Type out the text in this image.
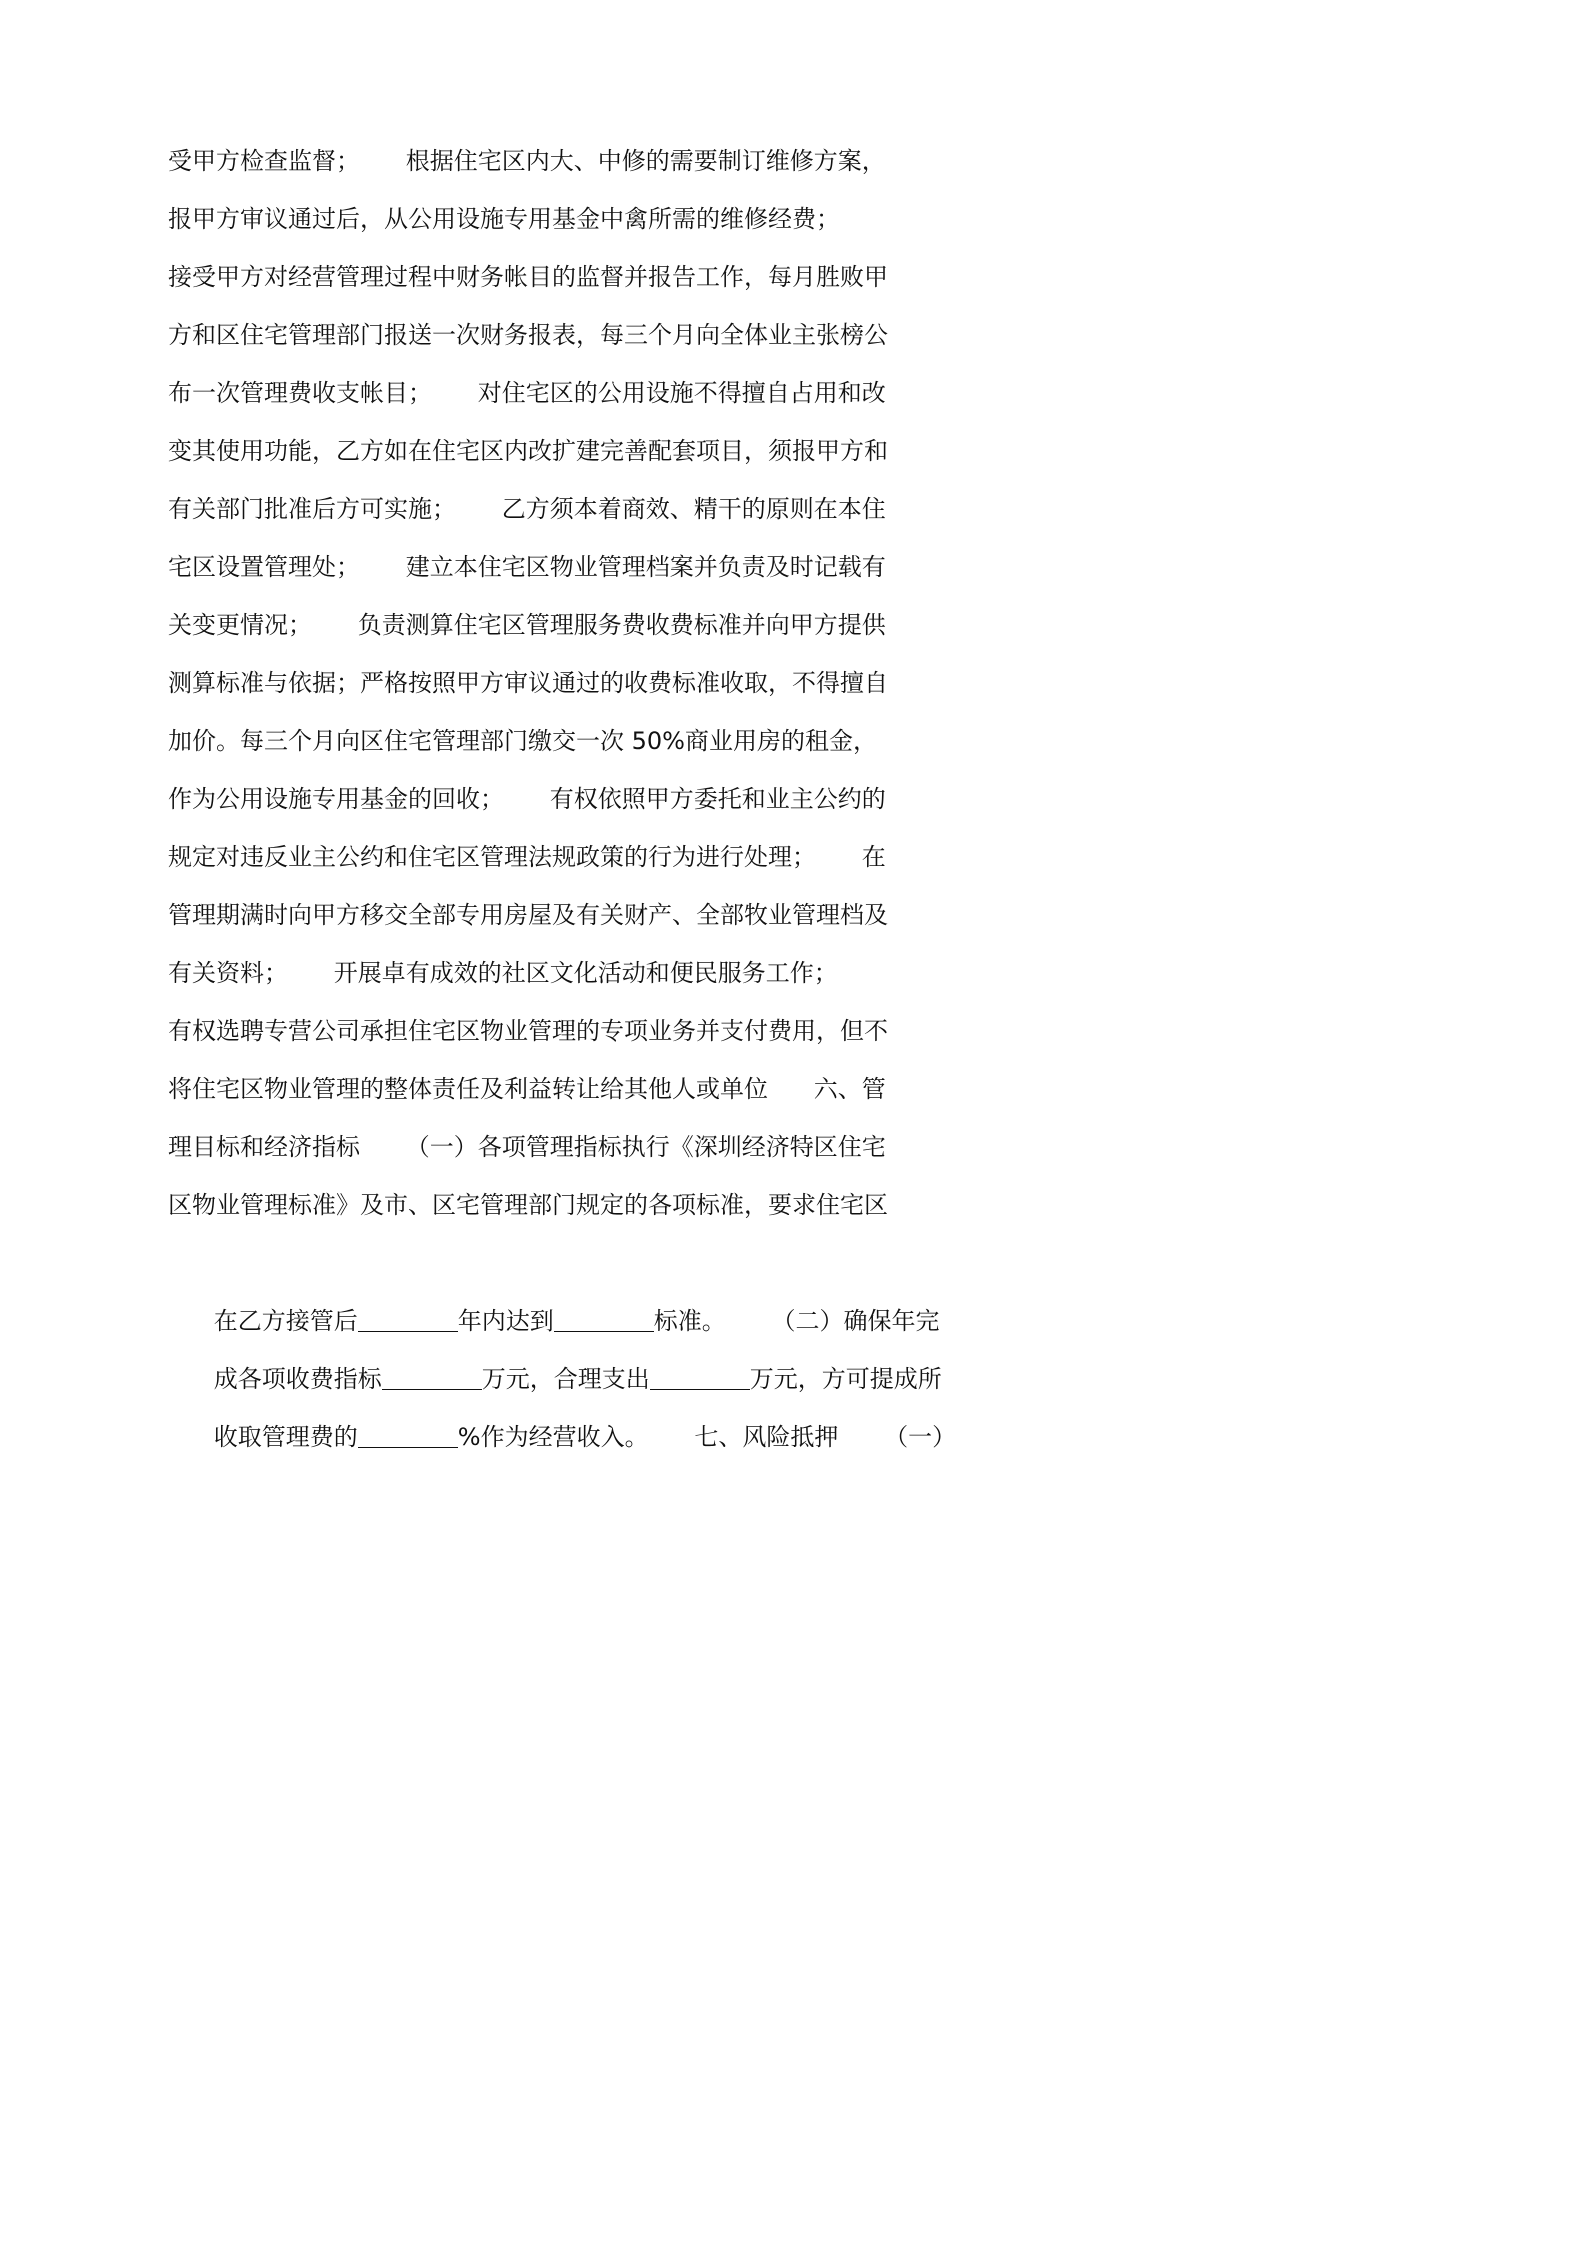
受甲方检查监督；      根据住宅区内大、中修的需要制订维修方案，
报甲方审议通过后，从公用设施专用基金中禽所需的维修经费；
接受甲方对经营管理过程中财务帐目的监督并报告工作，每月胜败甲
方和区住宅管理部门报送一次财务报表，每三个月向全体业主张榜公
布一次管理费收支帐目；      对住宅区的公用设施不得擅自占用和改
变其使用功能，乙方如在住宅区内改扩建完善配套项目，须报甲方和
有关部门批准后方可实施；      乙方须本着商效、精干的原则在本住
宅区设置管理处；      建立本住宅区物业管理档案并负责及时记载有
关变更情况；      负责测算住宅区管理服务费收费标准并向甲方提供
测算标准与依据；严格按照甲方审议通过的收费标准收取，不得擅自
加价。每三个月向区住宅管理部门缴交一次 50%商业用房的租金，
作为公用设施专用基金的回收；      有权依照甲方委托和业主公约的
规定对违反业主公约和住宅区管理法规政策的行为进行处理；      在
管理期满时向甲方移交全部专用房屋及有关财产、全部牧业管理档及
有关资料；      开展卓有成效的社区文化活动和便民服务工作；
有权选聘专营公司承担住宅区物业管理的专项业务并支付费用，但不
将住宅区物业管理的整体责任及利益转让给其他人或单位      六、管
理目标和经济指标      （一）各项管理指标执行《深圳经济特区住宅
区物业管理标准》及市、区宅管理部门规定的各项标准，要求住宅区

在乙方接管后	年内达到	标准。      （二）确保年完

成各项收费指标	万元，合理支出	万元，方可提成所

收取管理费的	%作为经营收入。      七、风险抵押      （一）
